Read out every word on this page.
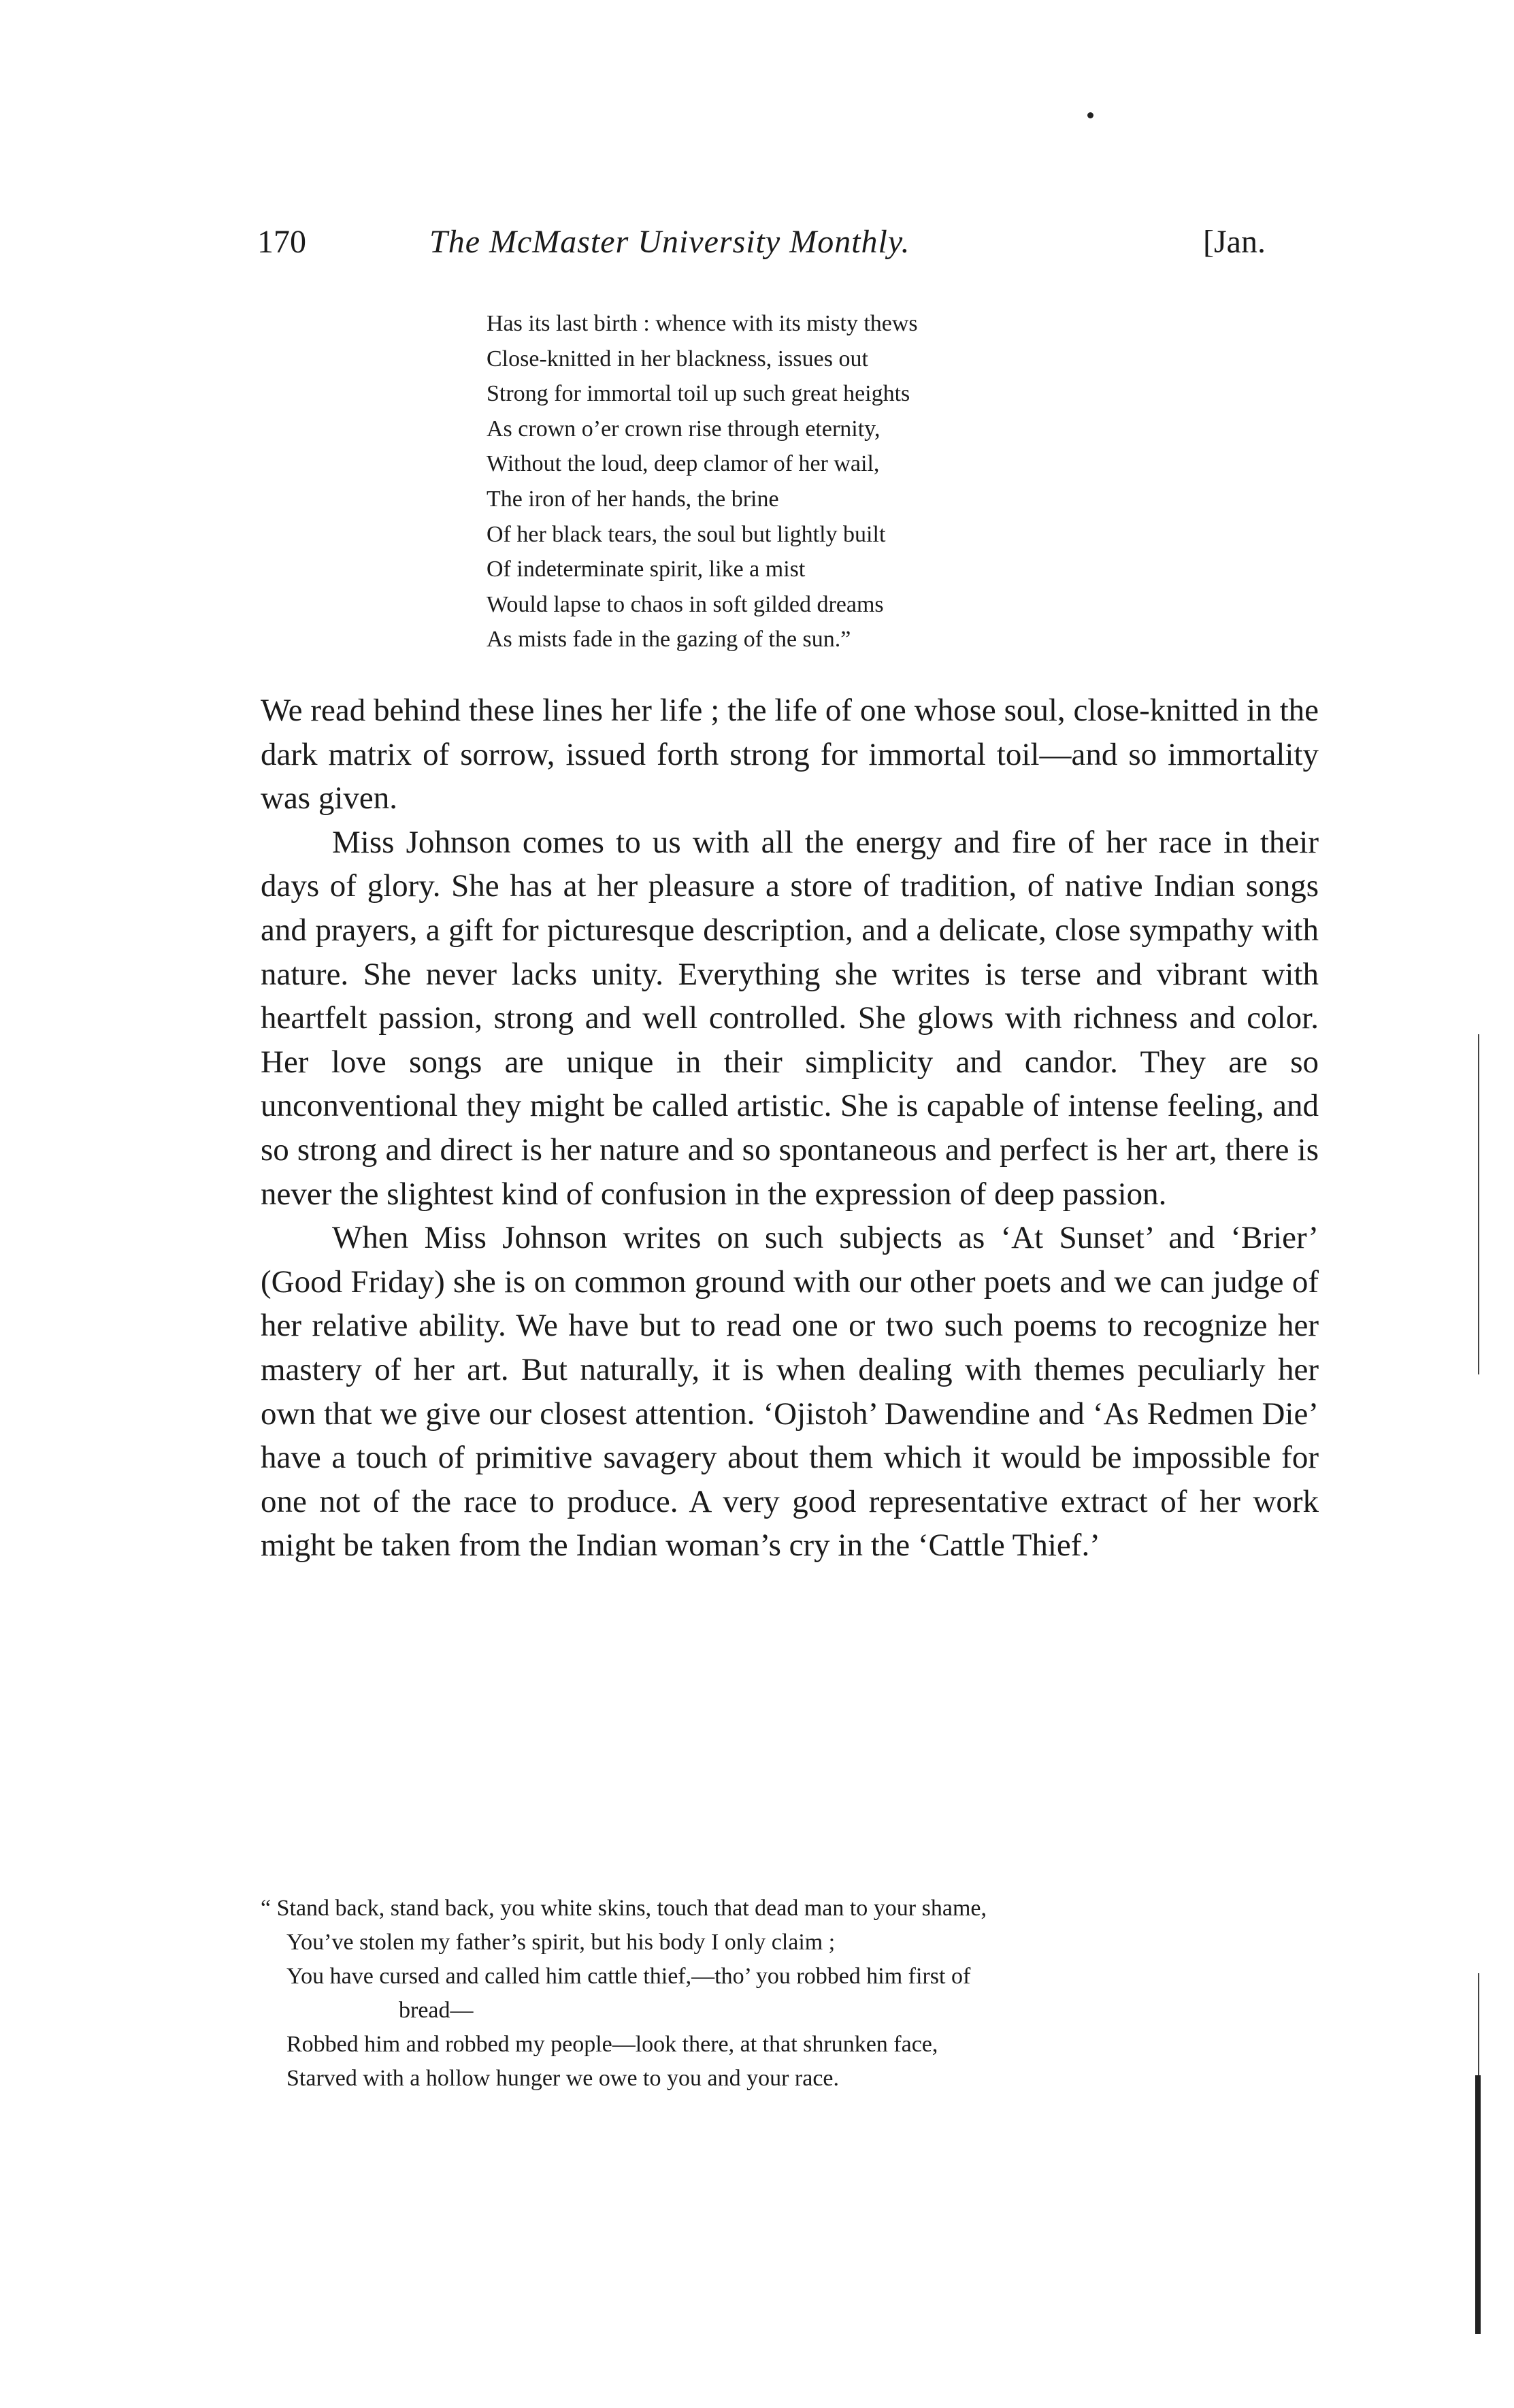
170	The McMaster University Monthly.	[Jan.
Has its last birth : whence with its misty thews
Close-knitted in her blackness, issues out
Strong for immortal toil up such great heights
As crown o’er crown rise through eternity,
Without the loud, deep clamor of her wail,
The iron of her hands, the brine
Of her black tears, the soul but lightly built
Of indeterminate spirit, like a mist
Would lapse to chaos in soft gilded dreams
As mists fade in the gazing of the sun.”

We read behind these lines her life ; the life of one whose soul, close-knitted in the dark matrix of sorrow, issued forth strong for immortal toil—and so immortality was given.

Miss Johnson comes to us with all the energy and fire of her race in their days of glory. She has at her pleasure a store of tradition, of native Indian songs and prayers, a gift for picturesque description, and a delicate, close sympathy with nature. She never lacks unity. Everything she writes is terse and vibrant with heartfelt passion, strong and well controlled. She glows with richness and color. Her love songs are unique in their simplicity and candor. They are so unconventional they might be called artistic. She is capable of intense feeling, and so strong and direct is her nature and so spontaneous and perfect is her art, there is never the slightest kind of confusion in the expression of deep passion.

When Miss Johnson writes on such subjects as ‘At Sunset’ and ‘Brier’ (Good Friday) she is on common ground with our other poets and we can judge of her relative ability. We have but to read one or two such poems to recognize her mastery of her art. But naturally, it is when dealing with themes peculiarly her own that we give our closest attention. ‘Ojistoh’ Dawendine and ‘As Redmen Die’ have a touch of primitive savagery about them which it would be impossible for one not of the race to produce. A very good representative extract of her work might be taken from the Indian woman’s cry in the ‘Cattle Thief.’

“ Stand back, stand back, you white skins, touch that dead man to your shame,
You’ve stolen my father’s spirit, but his body I only claim ;
You have cursed and called him cattle thief,—tho’ you robbed him first of
bread—
Robbed him and robbed my people—look there, at that shrunken face,
Starved with a hollow hunger we owe to you and your race.
